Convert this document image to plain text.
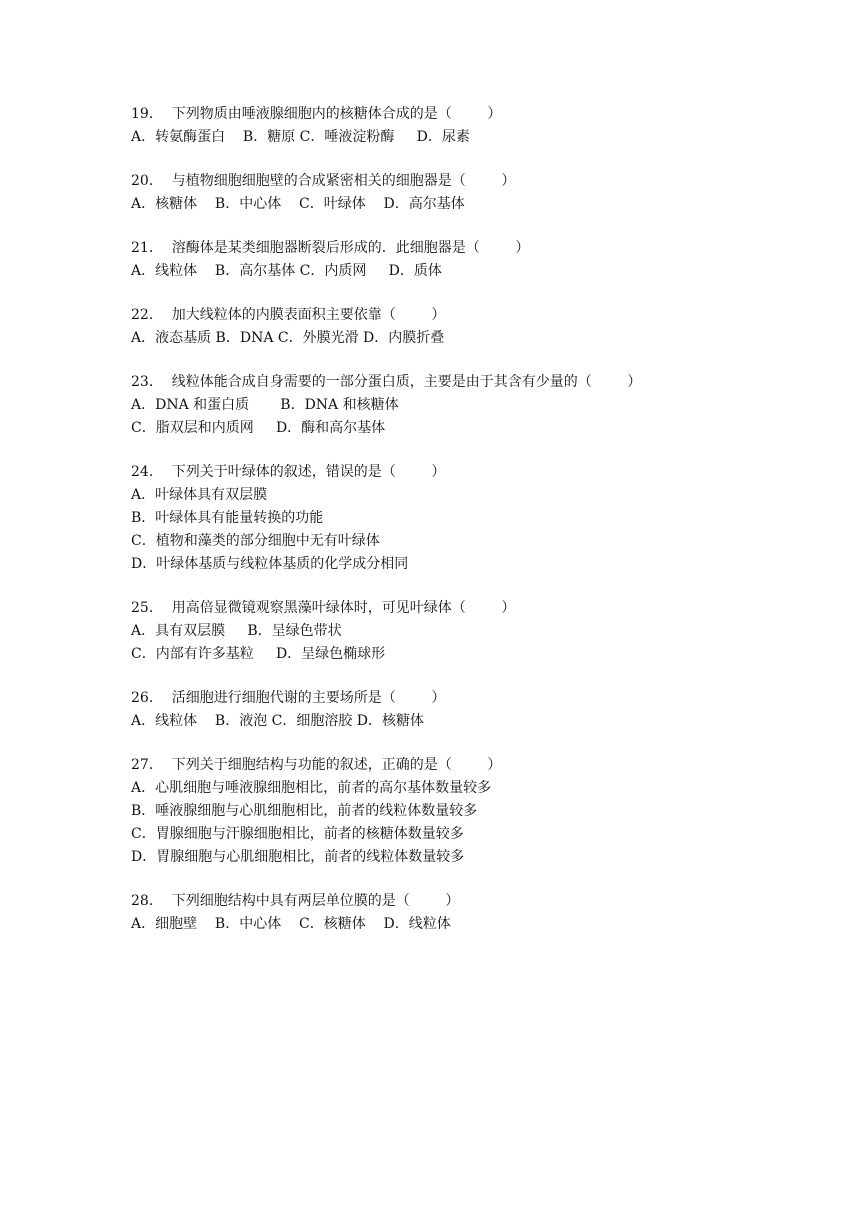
19．  下列物质由唾液腺细胞内的核糖体合成的是（        ）
A．转氨酶蛋白    B．糖原 C．唾液淀粉酶     D．尿素
20．  与植物细胞细胞壁的合成紧密相关的细胞器是（        ）
A．核糖体    B．中心体    C．叶绿体    D．高尔基体
21．  溶酶体是某类细胞器断裂后形成的．此细胞器是（        ）
A．线粒体    B．高尔基体 C．内质网     D．质体
22．  加大线粒体的内膜表面积主要依靠（        ）
A．液态基质 B．DNA C．外膜光滑 D．内膜折叠
23．  线粒体能合成自身需要的一部分蛋白质，主要是由于其含有少量的（        ）
A．DNA 和蛋白质       B．DNA 和核糖体
C．脂双层和内质网     D．酶和高尔基体
24．  下列关于叶绿体的叙述，错误的是（        ）
A．叶绿体具有双层膜
B．叶绿体具有能量转换的功能
C．植物和藻类的部分细胞中无有叶绿体
D．叶绿体基质与线粒体基质的化学成分相同
25．  用高倍显微镜观察黑藻叶绿体时，可见叶绿体（        ）
A．具有双层膜     B．呈绿色带状
C．内部有许多基粒     D．呈绿色椭球形
26．  活细胞进行细胞代谢的主要场所是（        ）
A．线粒体    B．液泡 C．细胞溶胶 D．核糖体
27．  下列关于细胞结构与功能的叙述，正确的是（        ）
A．心肌细胞与唾液腺细胞相比，前者的高尔基体数量较多
B．唾液腺细胞与心肌细胞相比，前者的线粒体数量较多
C．胃腺细胞与汗腺细胞相比，前者的核糖体数量较多
D．胃腺细胞与心肌细胞相比，前者的线粒体数量较多
28．  下列细胞结构中具有两层单位膜的是（        ）
A．细胞壁    B．中心体    C．核糖体    D．线粒体
